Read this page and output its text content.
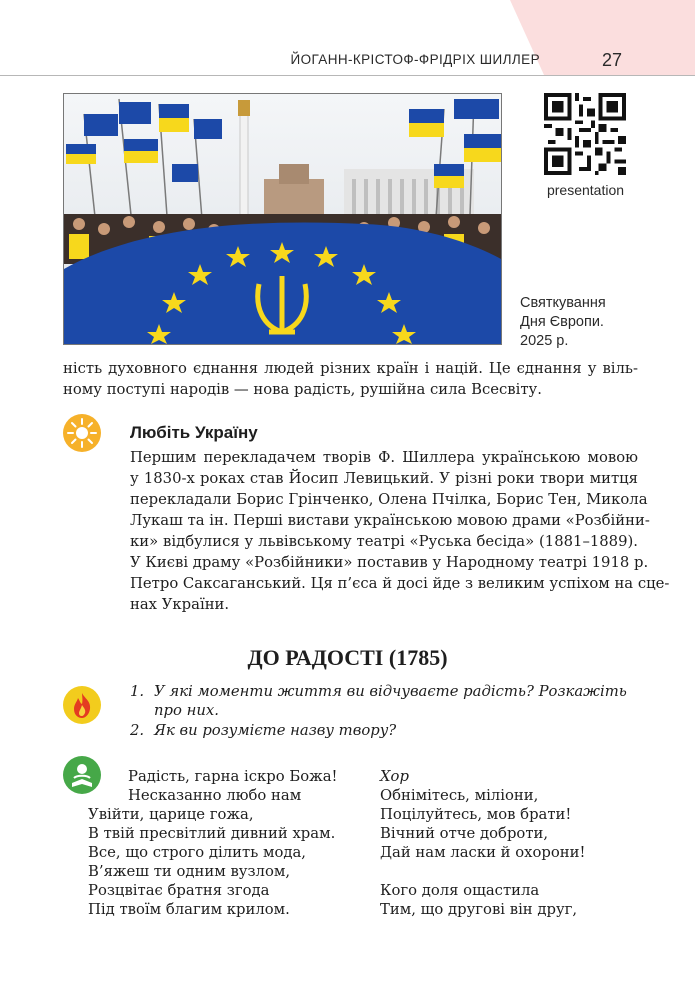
ЙОГАНН-КРІСТОФ-ФРІДРІХ ШИЛЛЕР	27
presentation
Святкування
Дня Європи.
2025 р.
ність духовного єднання людей різних країн і націй. Це єднання у віль-
ному поступі народів — нова радість, рушійна сила Всесвіту.
Любіть Україну
Першим перекладачем творів Ф. Шиллера українською мовою
у 1830-х роках став Йосип Левицький. У різні роки твори митця
перекладали Борис Грінченко, Олена Пчілка, Борис Тен, Микола
Лукаш та ін. Перші вистави українською мовою драми «Розбійни-
ки» відбулися у львівському театрі «Руська бесіда» (1881–1889).
У Києві драму «Розбійники» поставив у Народному театрі 1918 р.
Петро Саксаганський. Ця п’єса й досі йде з великим успіхом на сце-
нах України.
ДО РАДОСТІ (1785)
1. У які моменти життя ви відчуваєте радість? Розкажіть про них.
2. Як ви розумієте назву твору?
Радість, гарна іскро Божа!
Несказанно любо нам
Увійти, царице гожа,
В твій пресвітлий дивний храм.
Все, що строго ділить мода,
В’яжеш ти одним вузлом,
Розцвітає братня згода
Під твоїм благим крилом.
Хор
Обнімітесь, міліони,
Поцілуйтесь, мов брати!
Вічний отче доброти,
Дай нам ласки й охорони!
Кого доля ощастила
Тим, що другові він друг,
